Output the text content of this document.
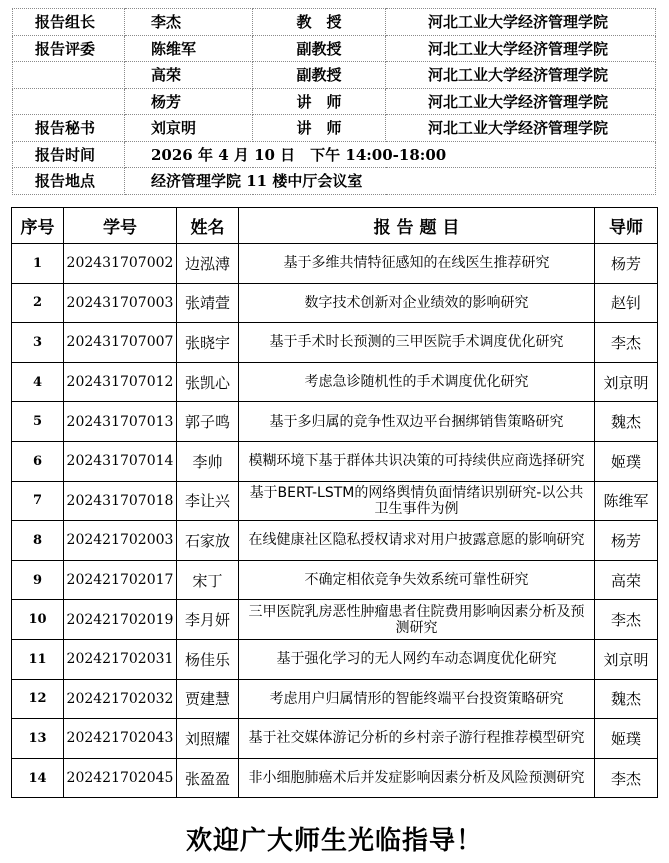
报告组长	李杰	教　授	河北工业大学经济管理学院
报告评委	陈维军	副教授	河北工业大学经济管理学院
	高荣	副教授	河北工业大学经济管理学院
	杨芳	讲　师	河北工业大学经济管理学院
报告秘书	刘京明	讲　师	河北工业大学经济管理学院
报告时间	2026 年 4 月 10 日　下午 14:00-18:00		
报告地点	经济管理学院 11 楼中厅会议室		
序号	学号	姓名	报 告 题 目	导师
1	202431707002	边泓溥	基于多维共情特征感知的在线医生推荐研究	杨芳
2	202431707003	张靖萱	数字技术创新对企业绩效的影响研究	赵钊
3	202431707007	张晓宇	基于手术时长预测的三甲医院手术调度优化研究	李杰
4	202431707012	张凯心	考虑急诊随机性的手术调度优化研究	刘京明
5	202431707013	郭子鸣	基于多归属的竞争性双边平台捆绑销售策略研究	魏杰
6	202431707014	李帅	模糊环境下基于群体共识决策的可持续供应商选择研究	姬璞
7	202431707018	李让兴	基于BERT-LSTM的网络舆情负面情绪识别研究-以公共卫生事件为例	陈维军
8	202421702003	石家放	在线健康社区隐私授权请求对用户披露意愿的影响研究	杨芳
9	202421702017	宋丁	不确定相依竞争失效系统可靠性研究	高荣
10	202421702019	李月妍	三甲医院乳房恶性肿瘤患者住院费用影响因素分析及预测研究	李杰
11	202421702031	杨佳乐	基于强化学习的无人网约车动态调度优化研究	刘京明
12	202421702032	贾建慧	考虑用户归属情形的智能终端平台投资策略研究	魏杰
13	202421702043	刘照耀	基于社交媒体游记分析的乡村亲子游行程推荐模型研究	姬璞
14	202421702045	张盈盈	非小细胞肺癌术后并发症影响因素分析及风险预测研究	李杰
欢迎广大师生光临指导！
